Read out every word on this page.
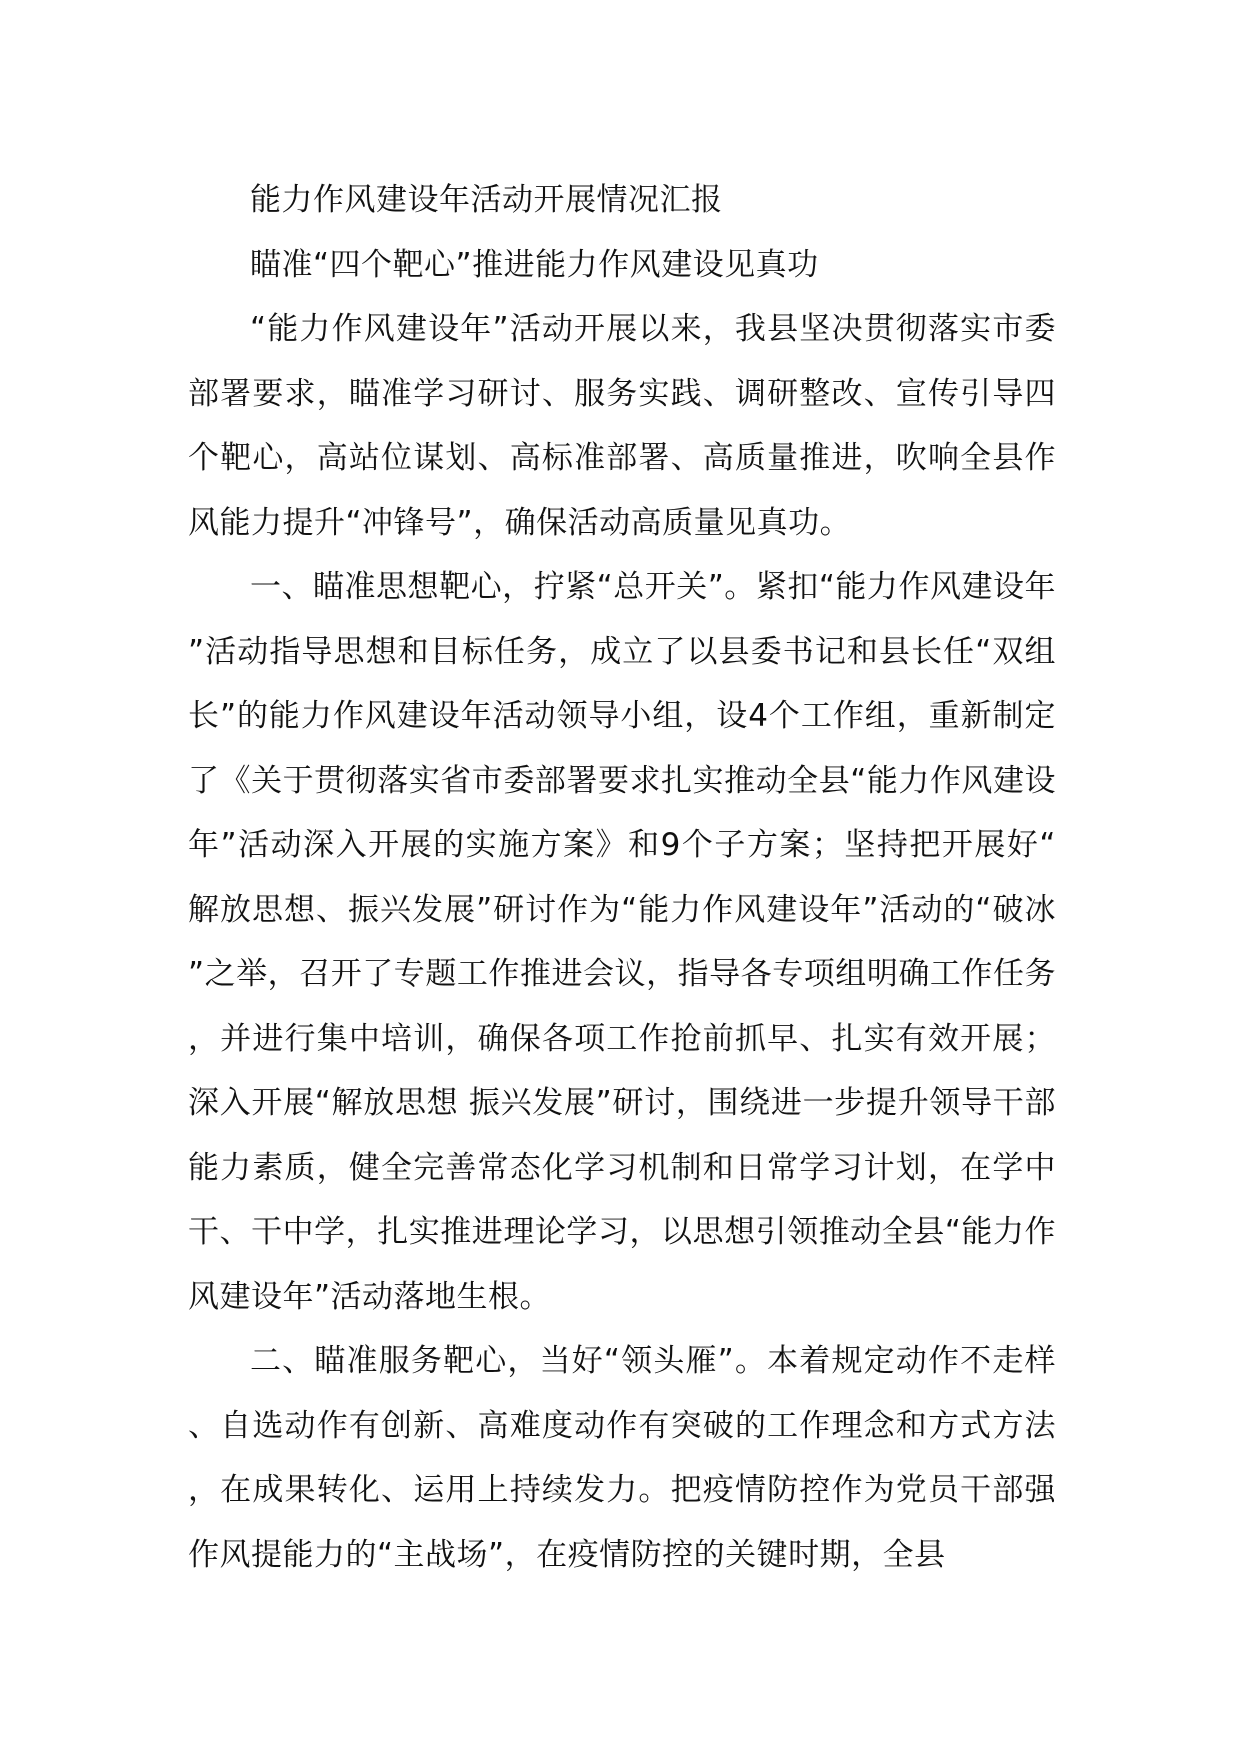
能力作风建设年活动开展情况汇报

瞄准“四个靶心”推进能力作风建设见真功

“能力作风建设年”活动开展以来，我县坚决贯彻落实市委部署要求，瞄准学习研讨、服务实践、调研整改、宣传引导四个靶心，高站位谋划、高标准部署、高质量推进，吹响全县作风能力提升“冲锋号”，确保活动高质量见真功。

一、瞄准思想靶心，拧紧“总开关”。紧扣“能力作风建设年”活动指导思想和目标任务，成立了以县委书记和县长任“双组长”的能力作风建设年活动领导小组，设4个工作组，重新制定了《关于贯彻落实省市委部署要求扎实推动全县“能力作风建设年”活动深入开展的实施方案》和9个子方案；坚持把开展好“解放思想、振兴发展”研讨作为“能力作风建设年”活动的“破冰”之举，召开了专题工作推进会议，指导各专项组明确工作任务，并进行集中培训，确保各项工作抢前抓早、扎实有效开展；深入开展“解放思想 振兴发展”研讨，围绕进一步提升领导干部能力素质，健全完善常态化学习机制和日常学习计划，在学中干、干中学，扎实推进理论学习，以思想引领推动全县“能力作风建设年”活动落地生根。

二、瞄准服务靶心，当好“领头雁”。本着规定动作不走样、自选动作有创新、高难度动作有突破的工作理念和方式方法，在成果转化、运用上持续发力。把疫情防控作为党员干部强作风提能力的“主战场”，在疫情防控的关键时期，全县
